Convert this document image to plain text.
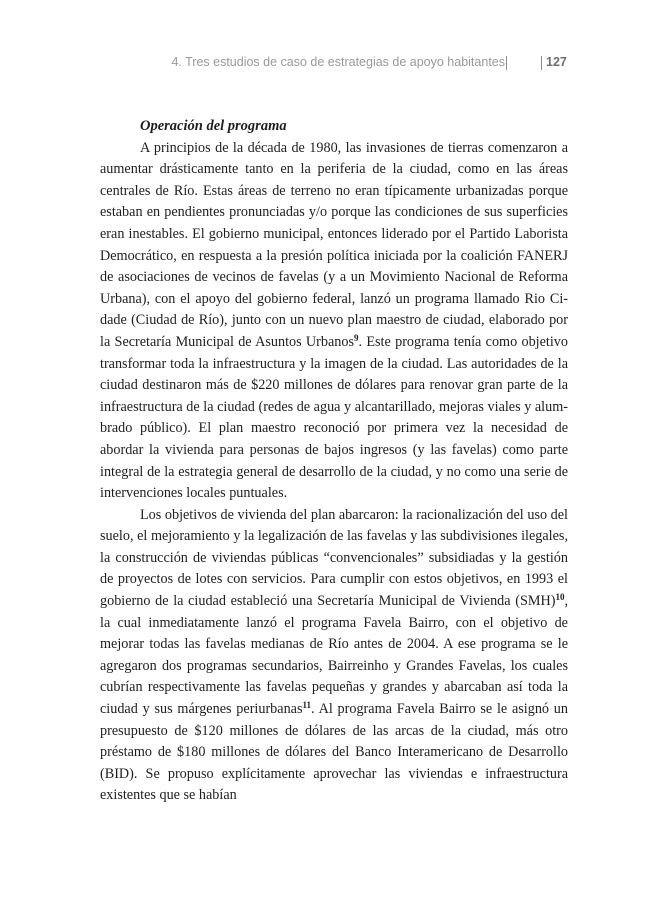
4. Tres estudios de caso de estrategias de apoyo habitantes	127

Operación del programa

A principios de la década de 1980, las invasiones de tierras comenzaron a aumentar drásticamente tanto en la periferia de la ciudad, como en las áreas centrales de Río. Estas áreas de terreno no eran típicamente urbanizadas porque estaban en pendientes pronunciadas y/o porque las condiciones de sus superficies eran inestables. El gobierno municipal, entonces liderado por el Partido Laborista Democrático, en respuesta a la presión política iniciada por la coalición FANERJ de asociaciones de vecinos de favelas (y a un Movimiento Nacional de Reforma Urbana), con el apoyo del gobierno federal, lanzó un programa llamado Rio Cidade (Ciudad de Río), junto con un nuevo plan maestro de ciudad, elaborado por la Secretaría Municipal de Asuntos Urbanos$^9$. Este programa tenía como objetivo transformar toda la infraestructura y la imagen de la ciudad. Las autoridades de la ciudad destinaron más de $220 millones de dólares para renovar gran parte de la infraestructura de la ciudad (redes de agua y alcantarillado, mejoras viales y alumbrado público). El plan maestro reconoció por primera vez la necesidad de abordar la vivienda para personas de bajos ingresos (y las favelas) como parte integral de la estrategia general de desarrollo de la ciudad, y no como una serie de intervenciones locales puntuales.

Los objetivos de vivienda del plan abarcaron: la racionalización del uso del suelo, el mejoramiento y la legalización de las favelas y las subdivisiones ilegales, la construcción de viviendas públicas “convencionales” subsidiadas y la gestión de proyectos de lotes con servicios. Para cumplir con estos objetivos, en 1993 el gobierno de la ciudad estableció una Secretaría Municipal de Vivienda (SMH)$^{10}$, la cual inmediatamente lanzó el programa Favela Bairro, con el objetivo de mejorar todas las favelas medianas de Río antes de 2004. A ese programa se le agregaron dos programas secundarios, Bairreinho y Grandes Favelas, los cuales cubrían respectivamente las favelas pequeñas y grandes y abarcaban así toda la ciudad y sus márgenes periurbanas$^{11}$. Al programa Favela Bairro se le asignó un presupuesto de $120 millones de dólares de las arcas de la ciudad, más otro préstamo de $180 millones de dólares del Banco Interamericano de Desarrollo (BID). Se propuso explícitamente aprovechar las viviendas e infraestructura existentes que se habían
